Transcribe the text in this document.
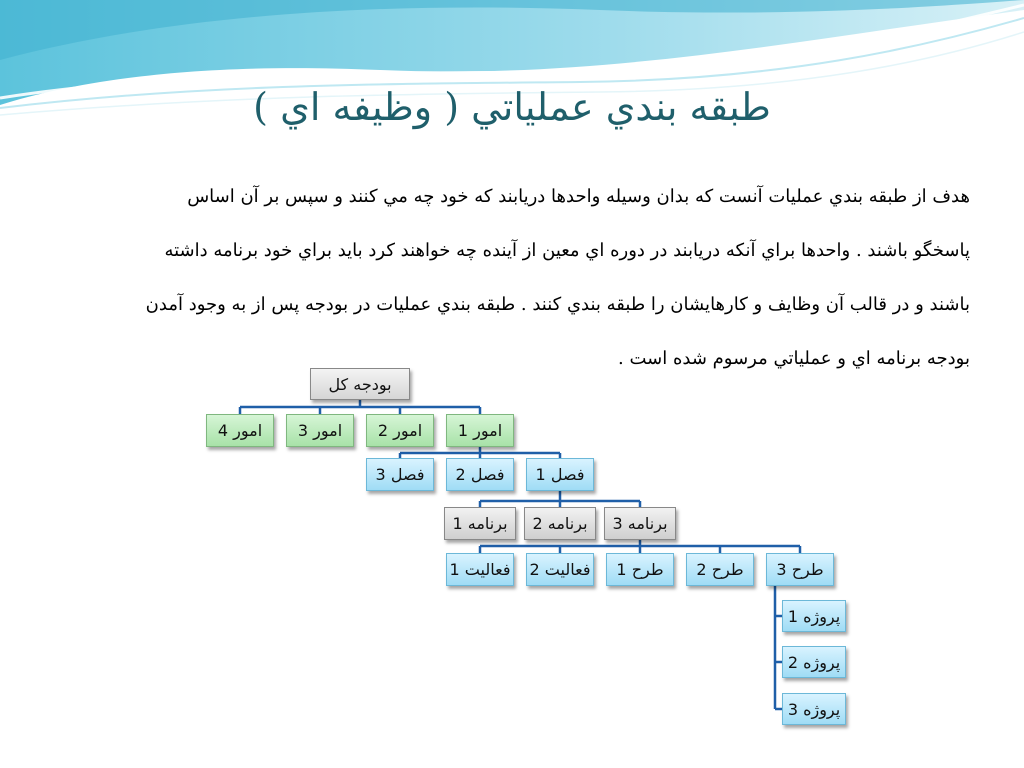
طبقه بندي عملياتي ( وظيفه اي )

هدف از طبقه بندي عمليات آنست كه بدان وسيله واحدها دريابند كه خود چه مي كنند و سپس بر آن اساس

پاسخگو باشند . واحدها براي آنكه دريابند در دوره اي معين از آينده چه خواهند كرد بايد براي خود برنامه داشته

باشند و در قالب آن وظايف و كارهايشان را طبقه بندي كنند . طبقه بندي عمليات در بودجه پس از به وجود آمدن

بودجه برنامه اي و عملياتي مرسوم شده است .

بودجه كل
امور 1
امور 2
امور 3
امور 4
فصل 1
فصل 2
فصل 3
برنامه 3
برنامه 2
برنامه 1
طرح 3
طرح 2
طرح 1
فعاليت 2
فعاليت 1
پروژه 1
پروژه 2
پروژه 3
